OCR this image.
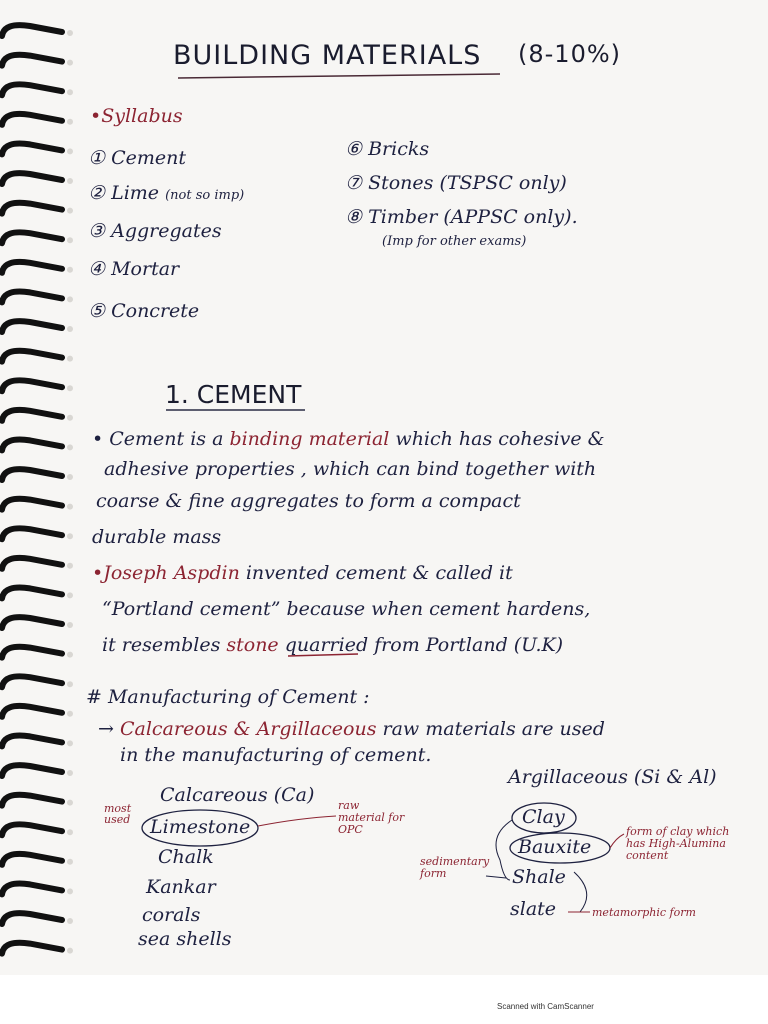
BUILDING MATERIALS (8-10%)
•Syllabus
① Cement
② Lime (not so imp)
③ Aggregates
④ Mortar
⑤ Concrete
⑥ Bricks
⑦ Stones (TSPSC only)
⑧ Timber (APPSC only).
(Imp for other exams)
1. CEMENT
• Cement is a binding material which has cohesive &
adhesive properties , which can bind together with
coarse & fine aggregates to form a compact
durable mass
•Joseph Aspdin invented cement & called it
“Portland cement” because when cement hardens,
it resembles stone quarried from Portland (U.K)
# Manufacturing of Cement :
→ Calcareous & Argillaceous raw materials are used
in the manufacturing of cement.
Calcareous (Ca)
most used	Limestone
Chalk
Kankar
corals
sea shells
raw material for OPC
Argillaceous (Si & Al)
Clay
Bauxite
Shale
slate
form of clay which has High-Alumina content
sedimentary form
metamorphic form
Scanned with CamScanner
